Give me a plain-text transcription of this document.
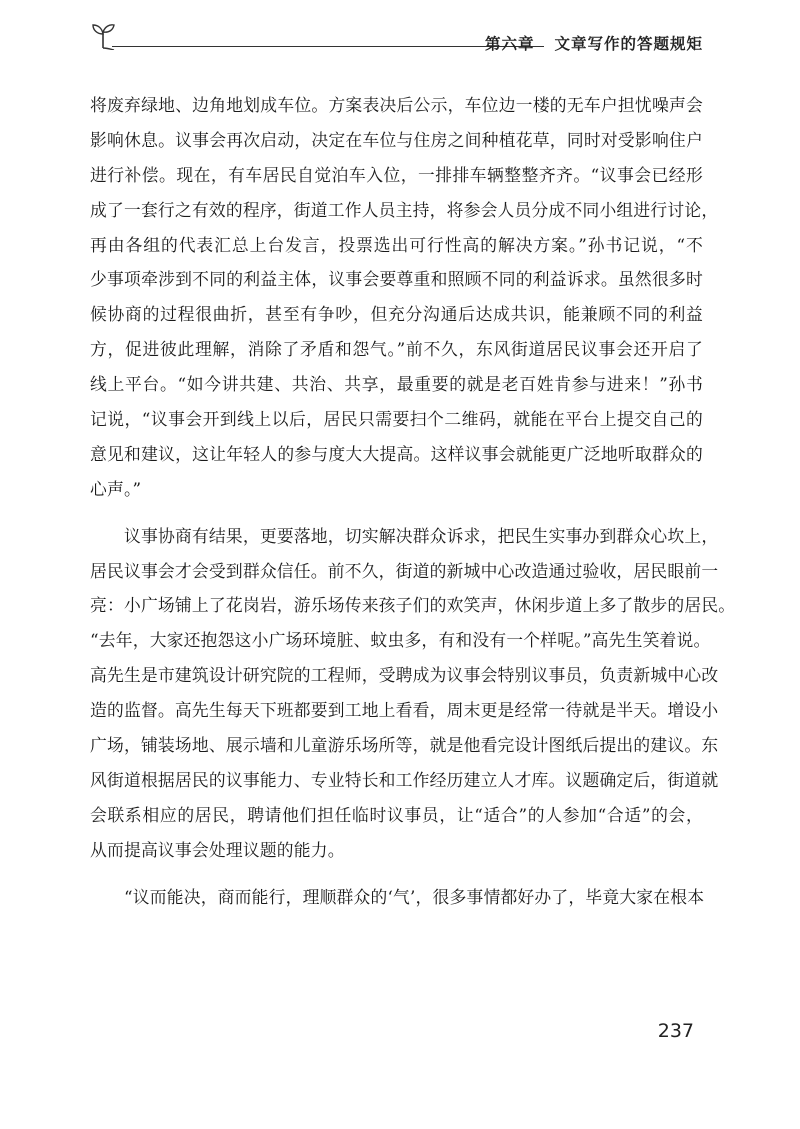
第六章 文章写作的答题规矩
将废弃绿地、边角地划成车位。方案表决后公示，车位边一楼的无车户担忧噪声会
影响休息。议事会再次启动，决定在车位与住房之间种植花草，同时对受影响住户
进行补偿。现在，有车居民自觉泊车入位，一排排车辆整整齐齐。“议事会已经形
成了一套行之有效的程序，街道工作人员主持，将参会人员分成不同小组进行讨论，
再由各组的代表汇总上台发言，投票选出可行性高的解决方案。”孙书记说，“不
少事项牵涉到不同的利益主体，议事会要尊重和照顾不同的利益诉求。虽然很多时
候协商的过程很曲折，甚至有争吵，但充分沟通后达成共识，能兼顾不同的利益
方，促进彼此理解，消除了矛盾和怨气。”前不久，东风街道居民议事会还开启了
线上平台。“如今讲共建、共治、共享，最重要的就是老百姓肯参与进来！”孙书
记说，“议事会开到线上以后，居民只需要扫个二维码，就能在平台上提交自己的
意见和建议，这让年轻人的参与度大大提高。这样议事会就能更广泛地听取群众的
心声。”
议事协商有结果，更要落地，切实解决群众诉求，把民生实事办到群众心坎上，
居民议事会才会受到群众信任。前不久，街道的新城中心改造通过验收，居民眼前一
亮：小广场铺上了花岗岩，游乐场传来孩子们的欢笑声，休闲步道上多了散步的居民。
“去年，大家还抱怨这小广场环境脏、蚊虫多，有和没有一个样呢。”高先生笑着说。
高先生是市建筑设计研究院的工程师，受聘成为议事会特别议事员，负责新城中心改
造的监督。高先生每天下班都要到工地上看看，周末更是经常一待就是半天。增设小
广场，铺装场地、展示墙和儿童游乐场所等，就是他看完设计图纸后提出的建议。东
风街道根据居民的议事能力、专业特长和工作经历建立人才库。议题确定后，街道就
会联系相应的居民，聘请他们担任临时议事员，让“适合”的人参加“合适”的会，
从而提高议事会处理议题的能力。
“议而能决，商而能行，理顺群众的‘气’，很多事情都好办了，毕竟大家在根本
237
